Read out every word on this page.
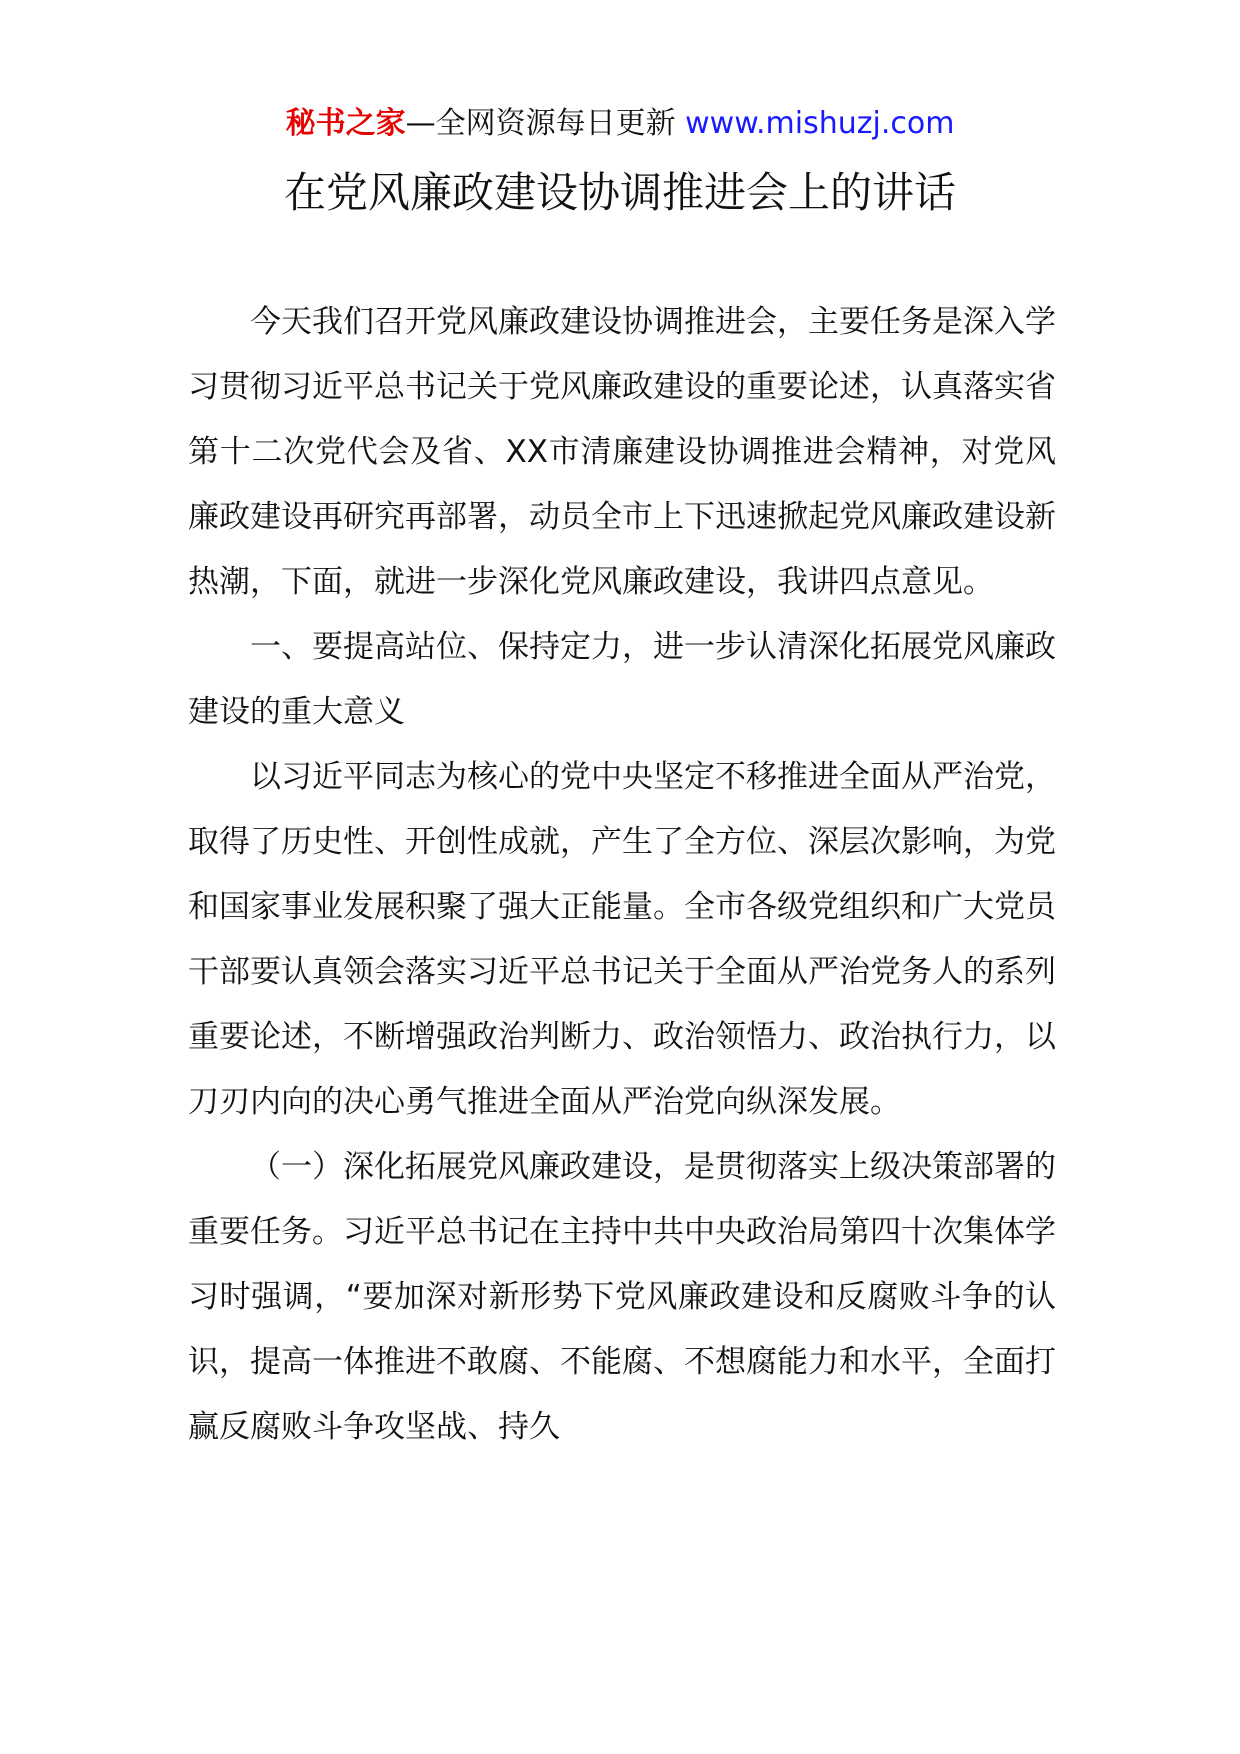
秘书之家—全网资源每日更新 www.mishuzj.com
在党风廉政建设协调推进会上的讲话

今天我们召开党风廉政建设协调推进会，主要任务是深入学习贯彻习近平总书记关于党风廉政建设的重要论述，认真落实省第十二次党代会及省、XX市清廉建设协调推进会精神，对党风廉政建设再研究再部署，动员全市上下迅速掀起党风廉政建设新热潮，下面，就进一步深化党风廉政建设，我讲四点意见。

一、要提高站位、保持定力，进一步认清深化拓展党风廉政建设的重大意义

以习近平同志为核心的党中央坚定不移推进全面从严治党，取得了历史性、开创性成就，产生了全方位、深层次影响，为党和国家事业发展积聚了强大正能量。全市各级党组织和广大党员干部要认真领会落实习近平总书记关于全面从严治党务人的系列重要论述，不断增强政治判断力、政治领悟力、政治执行力，以刀刃内向的决心勇气推进全面从严治党向纵深发展。

（一）深化拓展党风廉政建设，是贯彻落实上级决策部署的重要任务。习近平总书记在主持中共中央政治局第四十次集体学习时强调，“要加深对新形势下党风廉政建设和反腐败斗争的认识，提高一体推进不敢腐、不能腐、不想腐能力和水平，全面打赢反腐败斗争攻坚战、持久
